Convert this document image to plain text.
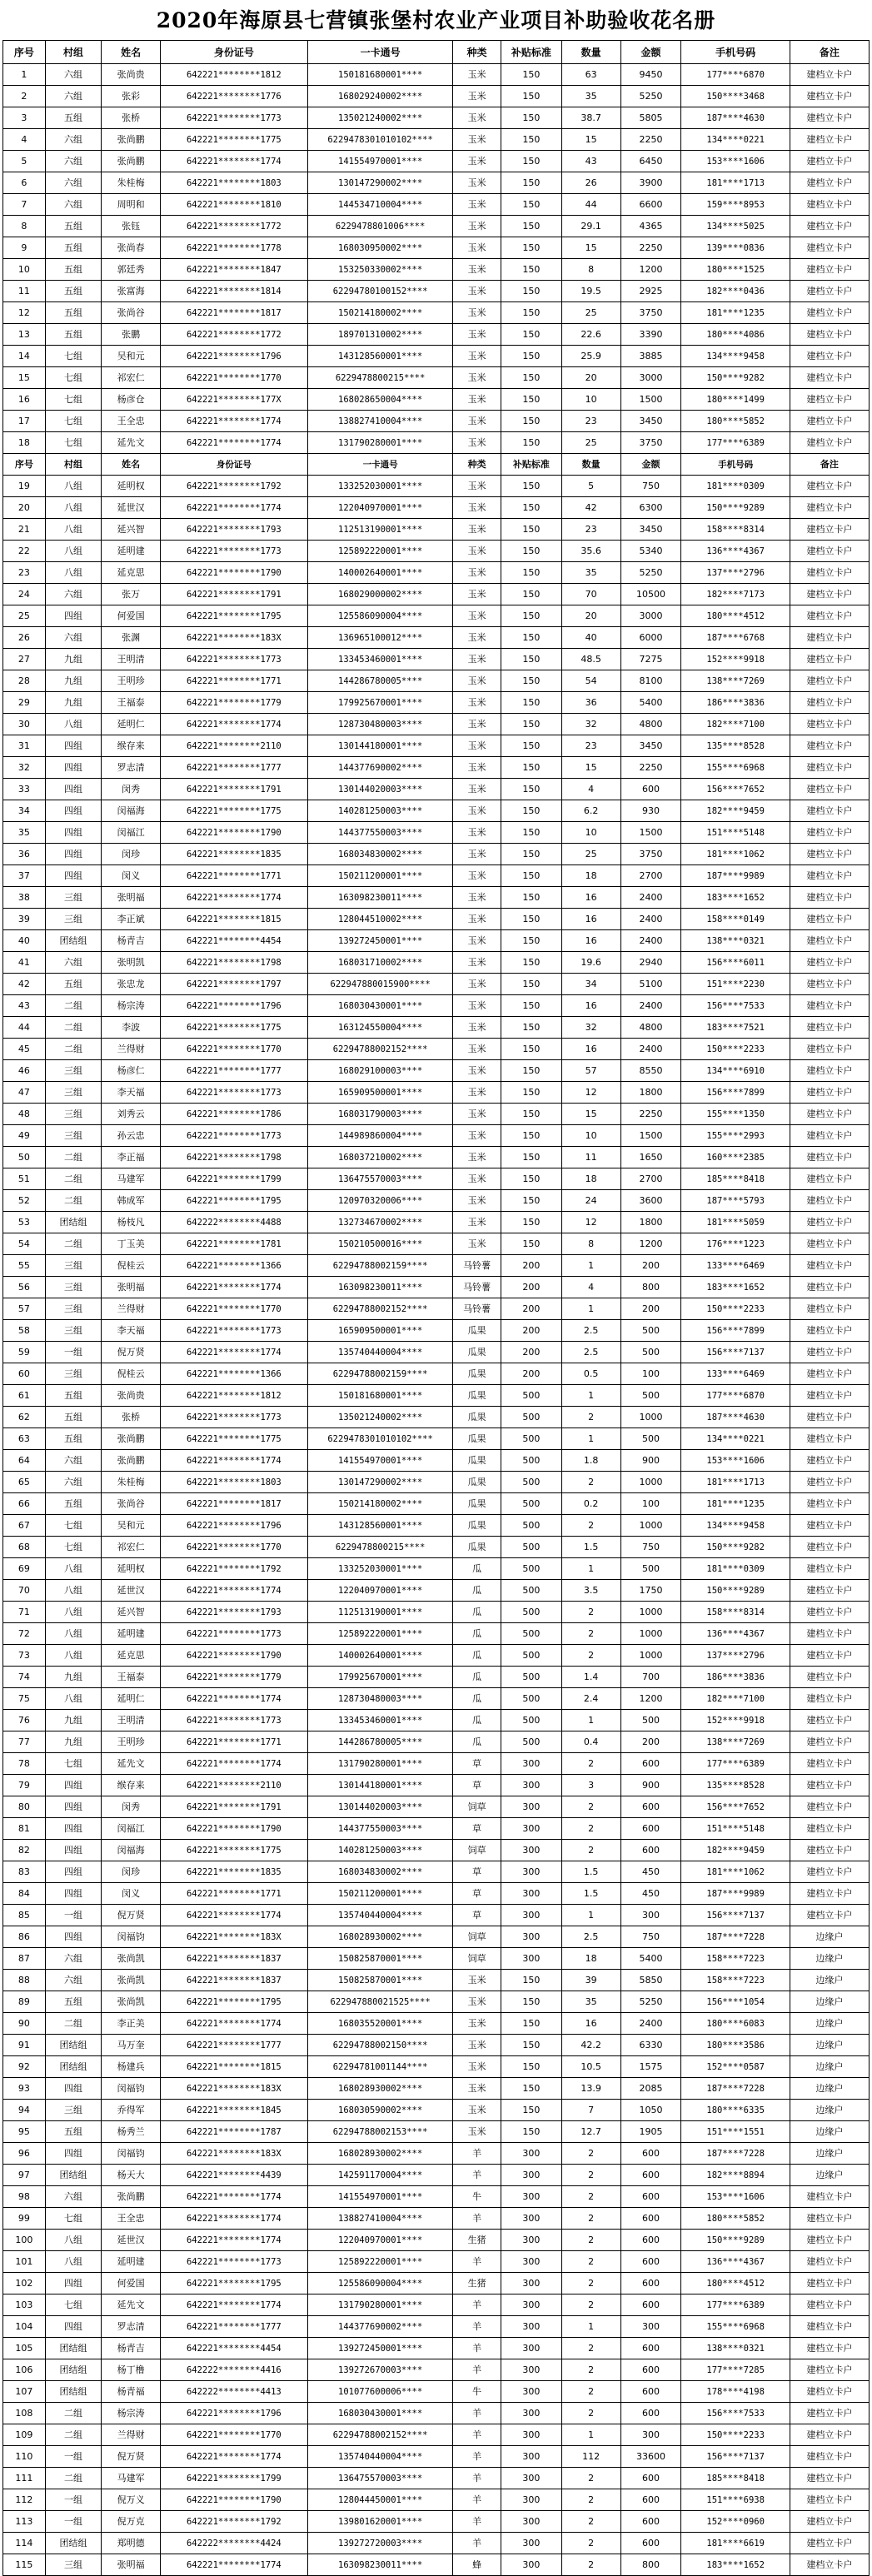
2020年海原县七营镇张堡村农业产业项目补助验收花名册
序号	村组	姓名	身份证号	一卡通号	种类	补贴标准	数量	金额	手机号码	备注
1	六组	张尚贵	642221********1812	150181680001****	玉米	150	63	9450	177****6870	建档立卡户
2	六组	张彩	642221********1776	168029240002****	玉米	150	35	5250	150****3468	建档立卡户
3	五组	张桥	642221********1773	135021240002****	玉米	150	38.7	5805	187****4630	建档立卡户
4	六组	张尚鹏	642221********1775	6229478301010102****	玉米	150	15	2250	134****0221	建档立卡户
5	六组	张尚鹏	642221********1774	141554970001****	玉米	150	43	6450	153****1606	建档立卡户
6	六组	朱桂梅	642221********1803	130147290002****	玉米	150	26	3900	181****1713	建档立卡户
7	六组	周明和	642221********1810	144534710004****	玉米	150	44	6600	159****8953	建档立卡户
8	五组	张钰	642221********1772	6229478801006****	玉米	150	29.1	4365	134****5025	建档立卡户
9	五组	张尚春	642221********1778	168030950002****	玉米	150	15	2250	139****0836	建档立卡户
10	五组	郭廷秀	642221********1847	153250330002****	玉米	150	8	1200	180****1525	建档立卡户
11	五组	张富海	642221********1814	62294780100152****	玉米	150	19.5	2925	182****0436	建档立卡户
12	五组	张尚谷	642221********1817	150214180002****	玉米	150	25	3750	181****1235	建档立卡户
13	五组	张鹏	642221********1772	189701310002****	玉米	150	22.6	3390	180****4086	建档立卡户
14	七组	吴和元	642221********1796	143128560001****	玉米	150	25.9	3885	134****9458	建档立卡户
15	七组	祁宏仁	642221********1770	6229478800215****	玉米	150	20	3000	150****9282	建档立卡户
16	七组	杨彦仓	642221********177X	168028650004****	玉米	150	10	1500	180****1499	建档立卡户
17	七组	王全忠	642221********1774	138827410004****	玉米	150	23	3450	180****5852	建档立卡户
18	七组	延先文	642221********1774	131790280001****	玉米	150	25	3750	177****6389	建档立卡户
序号	村组	姓名	身份证号	一卡通号	种类	补贴标准	数量	金额	手机号码	备注
19	八组	延明权	642221********1792	133252030001****	玉米	150	5	750	181****0309	建档立卡户
20	八组	延世汉	642221********1774	122040970001****	玉米	150	42	6300	150****9289	建档立卡户
21	八组	延兴智	642221********1793	112513190001****	玉米	150	23	3450	158****8314	建档立卡户
22	八组	延明建	642221********1773	125892220001****	玉米	150	35.6	5340	136****4367	建档立卡户
23	八组	延克思	642221********1790	140002640001****	玉米	150	35	5250	137****2796	建档立卡户
24	六组	张万	642221********1791	168029000002****	玉米	150	70	10500	182****7173	建档立卡户
25	四组	何爱国	642221********1795	125586090004****	玉米	150	20	3000	180****4512	建档立卡户
26	六组	张渊	642221********183X	136965100012****	玉米	150	40	6000	187****6768	建档立卡户
27	九组	王明清	642221********1773	133453460001****	玉米	150	48.5	7275	152****9918	建档立卡户
28	九组	王明珍	642221********1771	144286780005****	玉米	150	54	8100	138****7269	建档立卡户
29	九组	王福泰	642221********1779	179925670001****	玉米	150	36	5400	186****3836	建档立卡户
30	八组	延明仁	642221********1774	128730480003****	玉米	150	32	4800	182****7100	建档立卡户
31	四组	缑存来	642221********2110	130144180001****	玉米	150	23	3450	135****8528	建档立卡户
32	四组	罗志清	642221********1777	144377690002****	玉米	150	15	2250	155****6968	建档立卡户
33	四组	闵秀	642221********1791	130144020003****	玉米	150	4	600	156****7652	建档立卡户
34	四组	闵福海	642221********1775	140281250003****	玉米	150	6.2	930	182****9459	建档立卡户
35	四组	闵福江	642221********1790	144377550003****	玉米	150	10	1500	151****5148	建档立卡户
36	四组	闵珍	642221********1835	168034830002****	玉米	150	25	3750	181****1062	建档立卡户
37	四组	闵义	642221********1771	150211200001****	玉米	150	18	2700	187****9989	建档立卡户
38	三组	张明福	642221********1774	163098230011****	玉米	150	16	2400	183****1652	建档立卡户
39	三组	李正斌	642221********1815	128044510002****	玉米	150	16	2400	158****0149	建档立卡户
40	团结组	杨青吉	642221********4454	139272450001****	玉米	150	16	2400	138****0321	建档立卡户
41	六组	张明凯	642221********1798	168031710002****	玉米	150	19.6	2940	156****6011	建档立卡户
42	五组	张忠龙	642221********1797	622947880015900****	玉米	150	34	5100	151****2230	建档立卡户
43	二组	杨宗涛	642221********1796	168030430001****	玉米	150	16	2400	156****7533	建档立卡户
44	二组	李波	642221********1775	163124550004****	玉米	150	32	4800	183****7521	建档立卡户
45	二组	兰得财	642221********1770	62294788002152****	玉米	150	16	2400	150****2233	建档立卡户
46	三组	杨彦仁	642221********1777	168029100003****	玉米	150	57	8550	134****6910	建档立卡户
47	三组	李天福	642221********1773	165909500001****	玉米	150	12	1800	156****7899	建档立卡户
48	三组	刘秀云	642221********1786	168031790003****	玉米	150	15	2250	155****1350	建档立卡户
49	三组	孙云忠	642221********1773	144989860004****	玉米	150	10	1500	155****2993	建档立卡户
50	二组	李正福	642221********1798	168037210002****	玉米	150	11	1650	160****2385	建档立卡户
51	二组	马建军	642221********1799	136475570003****	玉米	150	18	2700	185****8418	建档立卡户
52	二组	韩成军	642221********1795	120970320006****	玉米	150	24	3600	187****5793	建档立卡户
53	团结组	杨枝凡	642222********4488	132734670002****	玉米	150	12	1800	181****5059	建档立卡户
54	二组	丁玉美	642221********1781	150210500016****	玉米	150	8	1200	176****1223	建档立卡户
55	三组	倪桂云	642221********1366	62294788002159****	马铃薯	200	1	200	133****6469	建档立卡户
56	三组	张明福	642221********1774	163098230011****	马铃薯	200	4	800	183****1652	建档立卡户
57	三组	兰得财	642221********1770	62294788002152****	马铃薯	200	1	200	150****2233	建档立卡户
58	三组	李天福	642221********1773	165909500001****	瓜果	200	2.5	500	156****7899	建档立卡户
59	一组	倪万贤	642221********1774	135740440004****	瓜果	200	2.5	500	156****7137	建档立卡户
60	三组	倪桂云	642221********1366	62294788002159****	瓜果	200	0.5	100	133****6469	建档立卡户
61	五组	张尚贵	642221********1812	150181680001****	瓜果	500	1	500	177****6870	建档立卡户
62	五组	张桥	642221********1773	135021240002****	瓜果	500	2	1000	187****4630	建档立卡户
63	五组	张尚鹏	642221********1775	6229478301010102****	瓜果	500	1	500	134****0221	建档立卡户
64	六组	张尚鹏	642221********1774	141554970001****	瓜果	500	1.8	900	153****1606	建档立卡户
65	六组	朱桂梅	642221********1803	130147290002****	瓜果	500	2	1000	181****1713	建档立卡户
66	五组	张尚谷	642221********1817	150214180002****	瓜果	500	0.2	100	181****1235	建档立卡户
67	七组	吴和元	642221********1796	143128560001****	瓜果	500	2	1000	134****9458	建档立卡户
68	七组	祁宏仁	642221********1770	6229478800215****	瓜果	500	1.5	750	150****9282	建档立卡户
69	八组	延明权	642221********1792	133252030001****	瓜	500	1	500	181****0309	建档立卡户
70	八组	延世汉	642221********1774	122040970001****	瓜	500	3.5	1750	150****9289	建档立卡户
71	八组	延兴智	642221********1793	112513190001****	瓜	500	2	1000	158****8314	建档立卡户
72	八组	延明建	642221********1773	125892220001****	瓜	500	2	1000	136****4367	建档立卡户
73	八组	延克思	642221********1790	140002640001****	瓜	500	2	1000	137****2796	建档立卡户
74	九组	王福泰	642221********1779	179925670001****	瓜	500	1.4	700	186****3836	建档立卡户
75	八组	延明仁	642221********1774	128730480003****	瓜	500	2.4	1200	182****7100	建档立卡户
76	九组	王明清	642221********1773	133453460001****	瓜	500	1	500	152****9918	建档立卡户
77	九组	王明珍	642221********1771	144286780005****	瓜	500	0.4	200	138****7269	建档立卡户
78	七组	延先文	642221********1774	131790280001****	草	300	2	600	177****6389	建档立卡户
79	四组	缑存来	642221********2110	130144180001****	草	300	3	900	135****8528	建档立卡户
80	四组	闵秀	642221********1791	130144020003****	饲草	300	2	600	156****7652	建档立卡户
81	四组	闵福江	642221********1790	144377550003****	草	300	2	600	151****5148	建档立卡户
82	四组	闵福海	642221********1775	140281250003****	饲草	300	2	600	182****9459	建档立卡户
83	四组	闵珍	642221********1835	168034830002****	草	300	1.5	450	181****1062	建档立卡户
84	四组	闵义	642221********1771	150211200001****	草	300	1.5	450	187****9989	建档立卡户
85	一组	倪万贤	642221********1774	135740440004****	草	300	1	300	156****7137	建档立卡户
86	四组	闵福钧	642221********183X	168028930002****	饲草	300	2.5	750	187****7228	边缘户
87	六组	张尚凯	642221********1837	150825870001****	饲草	300	18	5400	158****7223	边缘户
88	六组	张尚凯	642221********1837	150825870001****	玉米	150	39	5850	158****7223	边缘户
89	五组	张尚凯	642221********1795	622947880021525****	玉米	150	35	5250	156****1054	边缘户
90	二组	李正美	642221********1774	168035520001****	玉米	150	16	2400	180****6083	边缘户
91	团结组	马万奎	642221********1777	62294788002150****	玉米	150	42.2	6330	180****3586	边缘户
92	团结组	杨建兵	642221********1815	62294781001144****	玉米	150	10.5	1575	152****0587	边缘户
93	四组	闵福钧	642221********183X	168028930002****	玉米	150	13.9	2085	187****7228	边缘户
94	三组	乔得军	642221********1845	168030590002****	玉米	150	7	1050	180****6335	边缘户
95	五组	杨秀兰	642221********1787	62294788002153****	玉米	150	12.7	1905	151****1551	边缘户
96	四组	闵福钧	642221********183X	168028930002****	羊	300	2	600	187****7228	边缘户
97	团结组	杨天大	642221********4439	142591170004****	羊	300	2	600	182****8894	边缘户
98	六组	张尚鹏	642221********1774	141554970001****	牛	300	2	600	153****1606	建档立卡户
99	七组	王全忠	642221********1774	138827410004****	羊	300	2	600	180****5852	建档立卡户
100	八组	延世汉	642221********1774	122040970001****	生猪	300	2	600	150****9289	建档立卡户
101	八组	延明建	642221********1773	125892220001****	羊	300	2	600	136****4367	建档立卡户
102	四组	何爱国	642221********1795	125586090004****	生猪	300	2	600	180****4512	建档立卡户
103	七组	延先文	642221********1774	131790280001****	羊	300	2	600	177****6389	建档立卡户
104	四组	罗志清	642221********1777	144377690002****	羊	300	1	300	155****6968	建档立卡户
105	团结组	杨青吉	642221********4454	139272450001****	羊	300	2	600	138****0321	建档立卡户
106	团结组	杨丁橹	642222********4416	139272670003****	羊	300	2	600	177****7285	建档立卡户
107	团结组	杨青福	642222********4413	101077600006****	牛	300	2	600	178****4198	建档立卡户
108	二组	杨宗涛	642221********1796	168030430001****	羊	300	2	600	156****7533	建档立卡户
109	二组	兰得财	642221********1770	62294788002152****	羊	300	1	300	150****2233	建档立卡户
110	一组	倪万贤	642221********1774	135740440004****	羊	300	112	33600	156****7137	建档立卡户
111	二组	马建军	642221********1799	136475570003****	羊	300	2	600	185****8418	建档立卡户
112	一组	倪万义	642221********1790	128044450001****	羊	300	2	600	151****6938	建档立卡户
113	一组	倪万克	642221********1792	139801620001****	羊	300	2	600	152****0960	建档立卡户
114	团结组	郑明德	642222********4424	139272720003****	羊	300	2	600	181****6619	建档立卡户
115	三组	张明福	642221********1774	163098230011****	蜂	300	2	800	183****1652	建档立卡户
